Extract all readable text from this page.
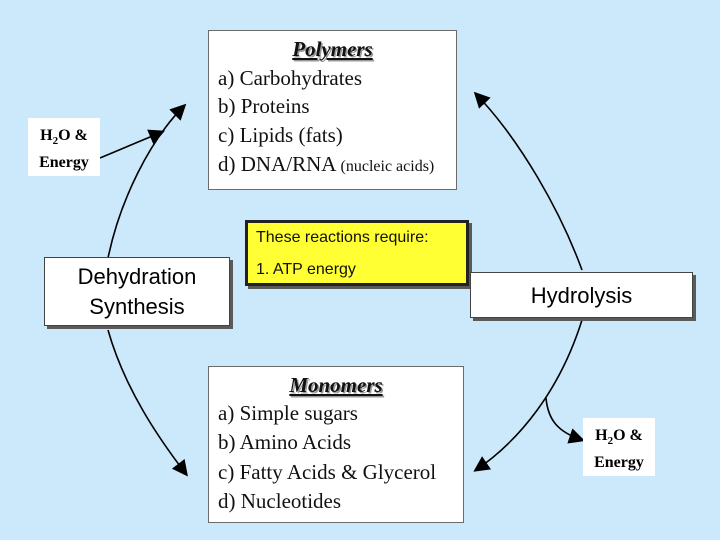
Polymers
a) Carbohydrates
b) Proteins
c) Lipids (fats)
d) DNA/RNA (nucleic acids)
$H_2O$ &
Energy
These reactions require:
1. ATP energy
Dehydration
Synthesis	Hydrolysis
Monomers
a) Simple sugars
b) Amino Acids
c) Fatty Acids & Glycerol
d) Nucleotides
$H_2O$ &
Energy
